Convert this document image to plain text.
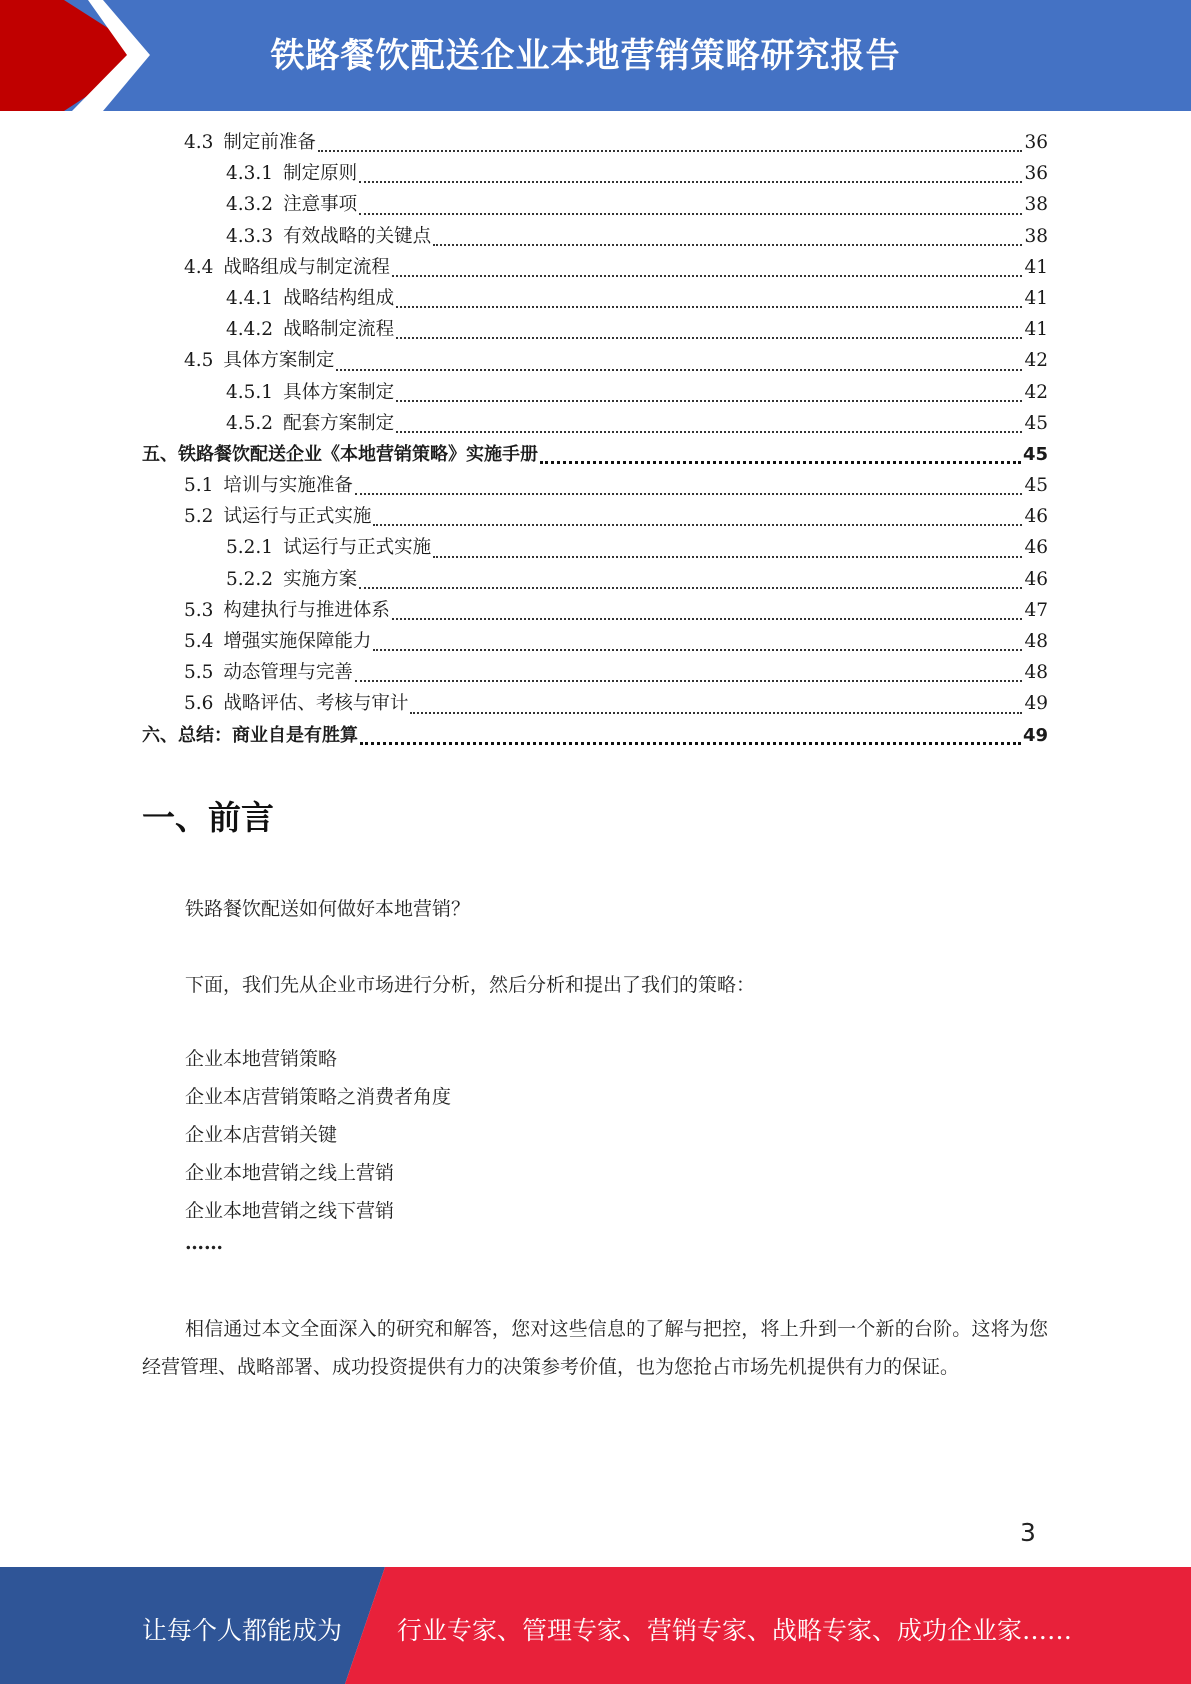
铁路餐饮配送企业本地营销策略研究报告
4.3 制定前准备	36
4.3.1 制定原则	36
4.3.2 注意事项	38
4.3.3 有效战略的关键点	38
4.4 战略组成与制定流程	41
4.4.1 战略结构组成	41
4.4.2 战略制定流程	41
4.5 具体方案制定	42
4.5.1 具体方案制定	42
4.5.2 配套方案制定	45
五、铁路餐饮配送企业《本地营销策略》实施手册	45
5.1 培训与实施准备	45
5.2 试运行与正式实施	46
5.2.1 试运行与正式实施	46
5.2.2 实施方案	46
5.3 构建执行与推进体系	47
5.4 增强实施保障能力	48
5.5 动态管理与完善	48
5.6 战略评估、考核与审计	49
六、总结：商业自是有胜算	49
一、前言
铁路餐饮配送如何做好本地营销？
下面，我们先从企业市场进行分析，然后分析和提出了我们的策略：
企业本地营销策略
企业本店营销策略之消费者角度
企业本店营销关键
企业本地营销之线上营销
企业本地营销之线下营销
……
相信通过本文全面深入的研究和解答，您对这些信息的了解与把控，将上升到一个新的台阶。这将为您经营管理、战略部署、成功投资提供有力的决策参考价值，也为您抢占市场先机提供有力的保证。
3
让每个人都能成为 行业专家、管理专家、营销专家、战略专家、成功企业家……
